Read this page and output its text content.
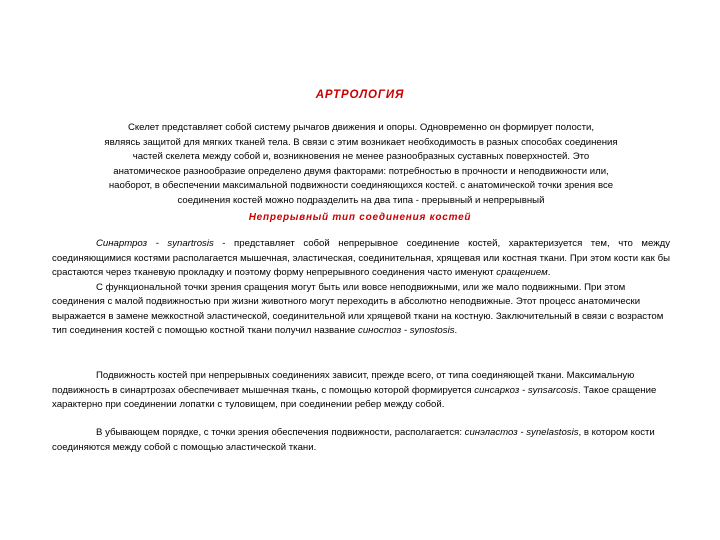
АРТРОЛОГИЯ

Скелет представляет собой систему рычагов движения и опоры. Одновременно он формирует полости,

являясь защитой для мягких тканей тела. В связи с этим возникает необходимость в разных способах соединения

частей скелета между собой и, возникновения не менее разнообразных суставных поверхностей. Это

анатомическое разнообразие определено двумя факторами: потребностью в прочности и неподвижности или,

наоборот, в обеспечении максимальной подвижности соединяющихся костей. с анатомической точки зрения все

соединения костей можно подразделить на два типа - прерывный и непрерывный

Непрерывный тип соединения костей

Синартроз - synartrosis - представляет собой непрерывное соединение костей, характеризуется тем, что между соединяющимися костями располагается мышечная, эластическая, соединительная, хрящевая или костная ткани. При этом кости как бы срастаются через тканевую прокладку и поэтому форму непрерывного соединения часто именуют сращением.

С функциональной точки зрения сращения могут быть или вовсе неподвижными, или же мало подвижными. При этом соединения с малой подвижностью при жизни животного могут переходить в абсолютно неподвижные. Этот процесс анатомически выражается в замене межкостной эластической, соединительной или хрящевой ткани на костную. Заключительный в связи с возрастом тип соединения костей с помощью костной ткани получил название синостоз - synostosis.

Подвижность костей при непрерывных соединениях зависит, прежде всего, от типа соединяющей ткани. Максимальную подвижность в синартрозах обеспечивает мышечная ткань, с помощью которой формируется синсаркоз - synsarcosis. Такое сращение характерно при соединении лопатки с туловищем, при соединении ребер между собой.

В убывающем порядке, с точки зрения обеспечения подвижности, располагается: синэластоз - synelastosis, в котором кости соединяются между собой с помощью эластической ткани.
